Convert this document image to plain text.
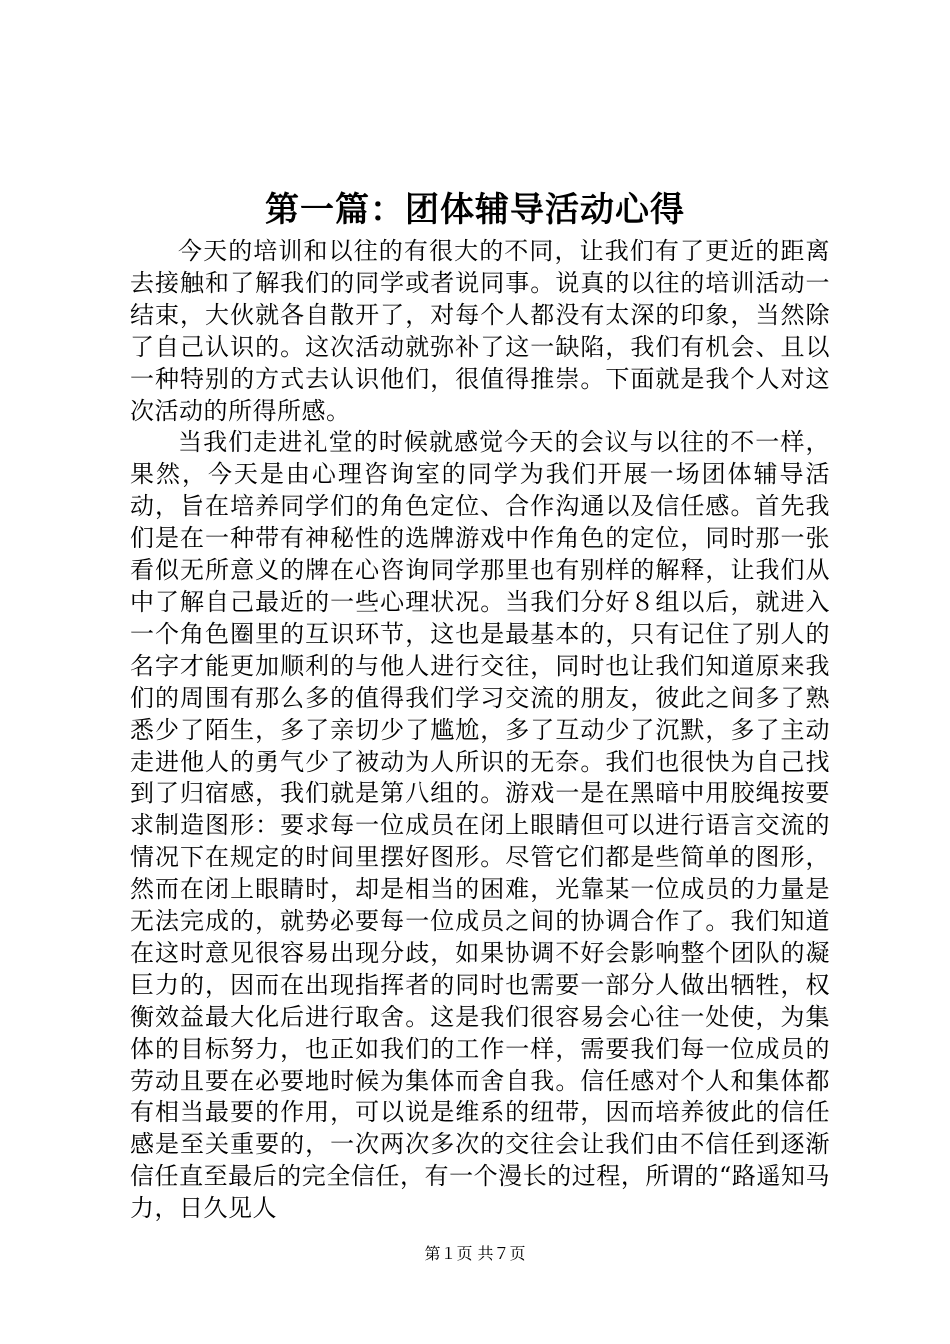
第一篇：团体辅导活动心得

今天的培训和以往的有很大的不同，让我们有了更近的距离去接触和了解我们的同学或者说同事。说真的以往的培训活动一结束，大伙就各自散开了，对每个人都没有太深的印象，当然除了自己认识的。这次活动就弥补了这一缺陷，我们有机会、且以一种特别的方式去认识他们，很值得推崇。下面就是我个人对这次活动的所得所感。

当我们走进礼堂的时候就感觉今天的会议与以往的不一样，果然，今天是由心理咨询室的同学为我们开展一场团体辅导活动，旨在培养同学们的角色定位、合作沟通以及信任感。首先我们是在一种带有神秘性的选牌游戏中作角色的定位，同时那一张看似无所意义的牌在心咨询同学那里也有别样的解释，让我们从中了解自己最近的一些心理状况。当我们分好８组以后，就进入一个角色圈里的互识环节，这也是最基本的，只有记住了别人的名字才能更加顺利的与他人进行交往，同时也让我们知道原来我们的周围有那么多的值得我们学习交流的朋友，彼此之间多了熟悉少了陌生，多了亲切少了尴尬，多了互动少了沉默，多了主动走进他人的勇气少了被动为人所识的无奈。我们也很快为自己找到了归宿感，我们就是第八组的。游戏一是在黑暗中用胶绳按要求制造图形：要求每一位成员在闭上眼睛但可以进行语言交流的情况下在规定的时间里摆好图形。尽管它们都是些简单的图形，然而在闭上眼睛时，却是相当的困难，光靠某一位成员的力量是无法完成的，就势必要每一位成员之间的协调合作了。我们知道在这时意见很容易出现分歧，如果协调不好会影响整个团队的凝巨力的，因而在出现指挥者的同时也需要一部分人做出牺牲，权衡效益最大化后进行取舍。这是我们很容易会心往一处使，为集体的目标努力，也正如我们的工作一样，需要我们每一位成员的劳动且要在必要地时候为集体而舍自我。信任感对个人和集体都有相当最要的作用，可以说是维系的纽带，因而培养彼此的信任感是至关重要的，一次两次多次的交往会让我们由不信任到逐渐信任直至最后的完全信任，有一个漫长的过程，所谓的“路遥知马力，日久见人

第１页 共７页
